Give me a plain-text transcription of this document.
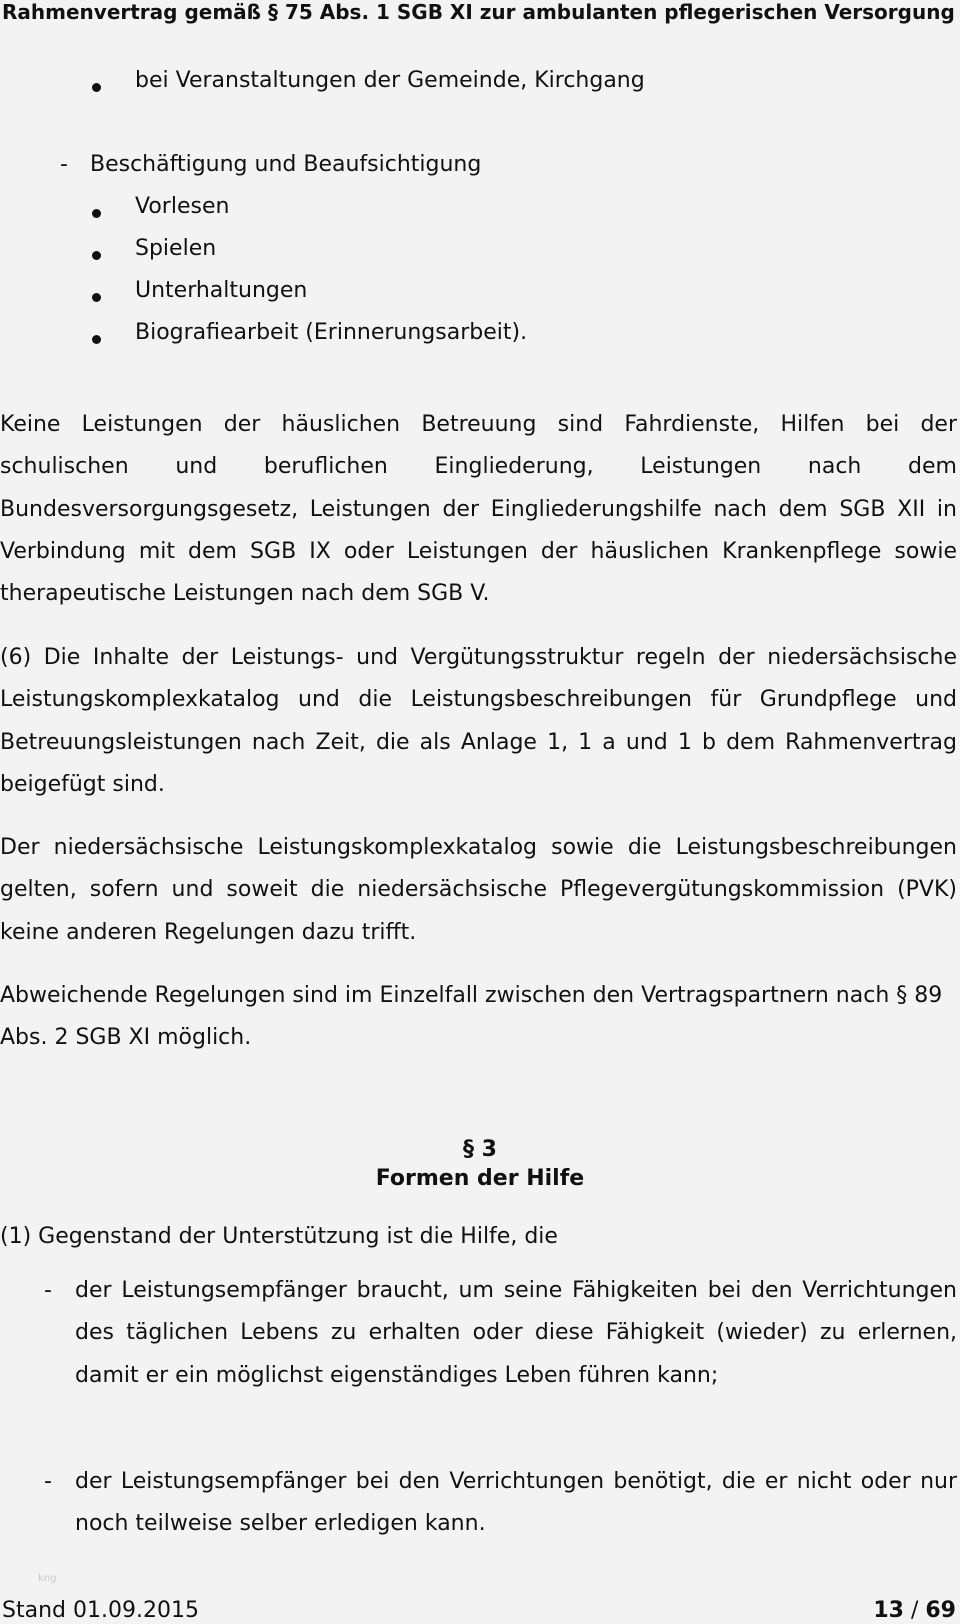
Rahmenvertrag gemäß § 75 Abs. 1 SGB XI zur ambulanten pflegerischen Versorgung
bei Veranstaltungen der Gemeinde, Kirchgang
- Beschäftigung und Beaufsichtigung
Vorlesen
Spielen
Unterhaltungen
Biografiearbeit (Erinnerungsarbeit).
Keine Leistungen der häuslichen Betreuung sind Fahrdienste, Hilfen bei der schulischen und beruflichen Eingliederung, Leistungen nach dem Bundesversorgungsgesetz, Leistungen der Eingliederungshilfe nach dem SGB XII in Verbindung mit dem SGB IX oder Leistungen der häuslichen Krankenpflege sowie therapeutische Leistungen nach dem SGB V.
(6) Die Inhalte der Leistungs- und Vergütungsstruktur regeln der niedersächsische Leistungskomplexkatalog und die Leistungsbeschreibungen für Grundpflege und Betreuungsleistungen nach Zeit, die als Anlage 1, 1 a und 1 b dem Rahmenvertrag beigefügt sind.
Der niedersächsische Leistungskomplexkatalog sowie die Leistungsbeschreibungen gelten, sofern und soweit die niedersächsische Pflegevergütungskommission (PVK) keine anderen Regelungen dazu trifft.
Abweichende Regelungen sind im Einzelfall zwischen den Vertragspartnern nach § 89 Abs. 2 SGB XI möglich.
§ 3
Formen der Hilfe
(1) Gegenstand der Unterstützung ist die Hilfe, die
- der Leistungsempfänger braucht, um seine Fähigkeiten bei den Verrichtungen des täglichen Lebens zu erhalten oder diese Fähigkeit (wieder) zu erlernen, damit er ein möglichst eigenständiges Leben führen kann;
- der Leistungsempfänger bei den Verrichtungen benötigt, die er nicht oder nur noch teilweise selber erledigen kann.
kng
Stand 01.09.2015	13 / 69
